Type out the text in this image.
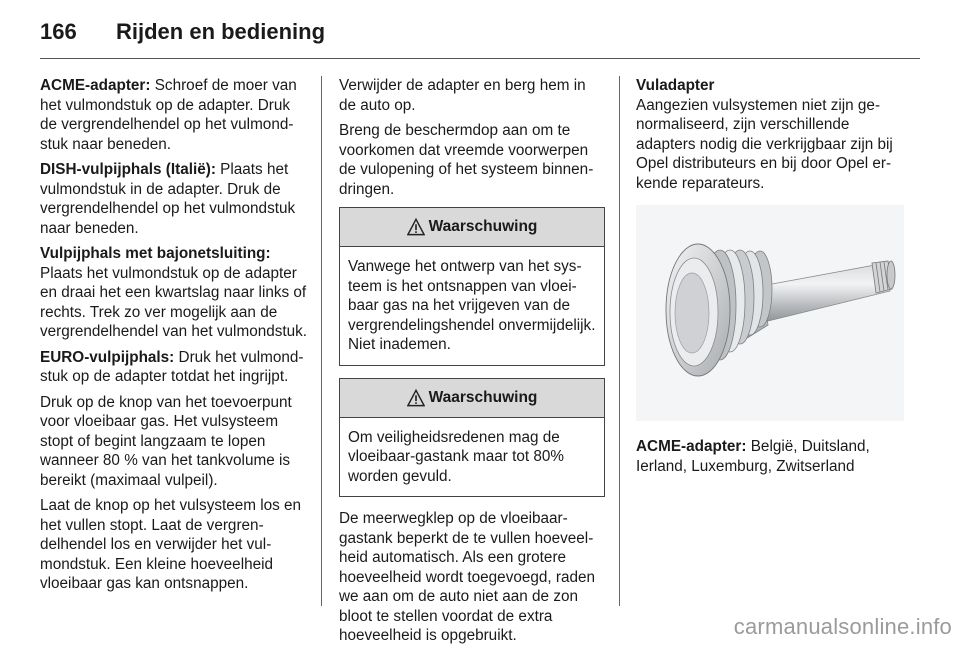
166 Rijden en bediening

ACME-adapter: Schroef de moer van het vulmondstuk op de adapter. Druk de vergrendelhendel op het vulmondstuk naar beneden.

DISH-vulpijphals (Italië): Plaats het vulmondstuk in de adapter. Druk de vergrendelhendel op het vulmondstuk naar beneden.

Vulpijphals met bajonetsluiting:
Plaats het vulmondstuk op de adapter en draai het een kwartslag naar links of rechts. Trek zo ver mogelijk aan de vergrendelhendel van het vulmondstuk.

EURO-vulpijphals: Druk het vulmondstuk op de adapter totdat het ingrijpt.

Druk op de knop van het toevoerpunt voor vloeibaar gas. Het vulsysteem stopt of begint langzaam te lopen wanneer 80 % van het tankvolume is bereikt (maximaal vulpeil).

Laat de knop op het vulsysteem los en het vullen stopt. Laat de vergrendelhendel los en verwijder het vulmondstuk. Een kleine hoeveelheid vloeibaar gas kan ontsnappen.

Verwijder de adapter en berg hem in de auto op.

Breng de beschermdop aan om te voorkomen dat vreemde voorwerpen de vulopening of het systeem binnendringen.

Waarschuwing
Vanwege het ontwerp van het systeem is het ontsnappen van vloeibaar gas na het vrijgeven van de vergrendelingshendel onvermijdelijk. Niet inademen.
Waarschuwing
Om veiligheidsredenen mag de vloeibaar-gastank maar tot 80% worden gevuld.

De meerwegklep op de vloeibaar-gastank beperkt de te vullen hoeveelheid automatisch. Als een grotere hoeveelheid wordt toegevoegd, raden we aan om de auto niet aan de zon bloot te stellen voordat de extra hoeveelheid is opgebruikt.

Vuladapter

Aangezien vulsystemen niet zijn genormaliseerd, zijn verschillende adapters nodig die verkrijgbaar zijn bij Opel distributeurs en bij door Opel erkende reparateurs.

ACME-adapter: België, Duitsland, Ierland, Luxemburg, Zwitserland

carmanualsonline.info
